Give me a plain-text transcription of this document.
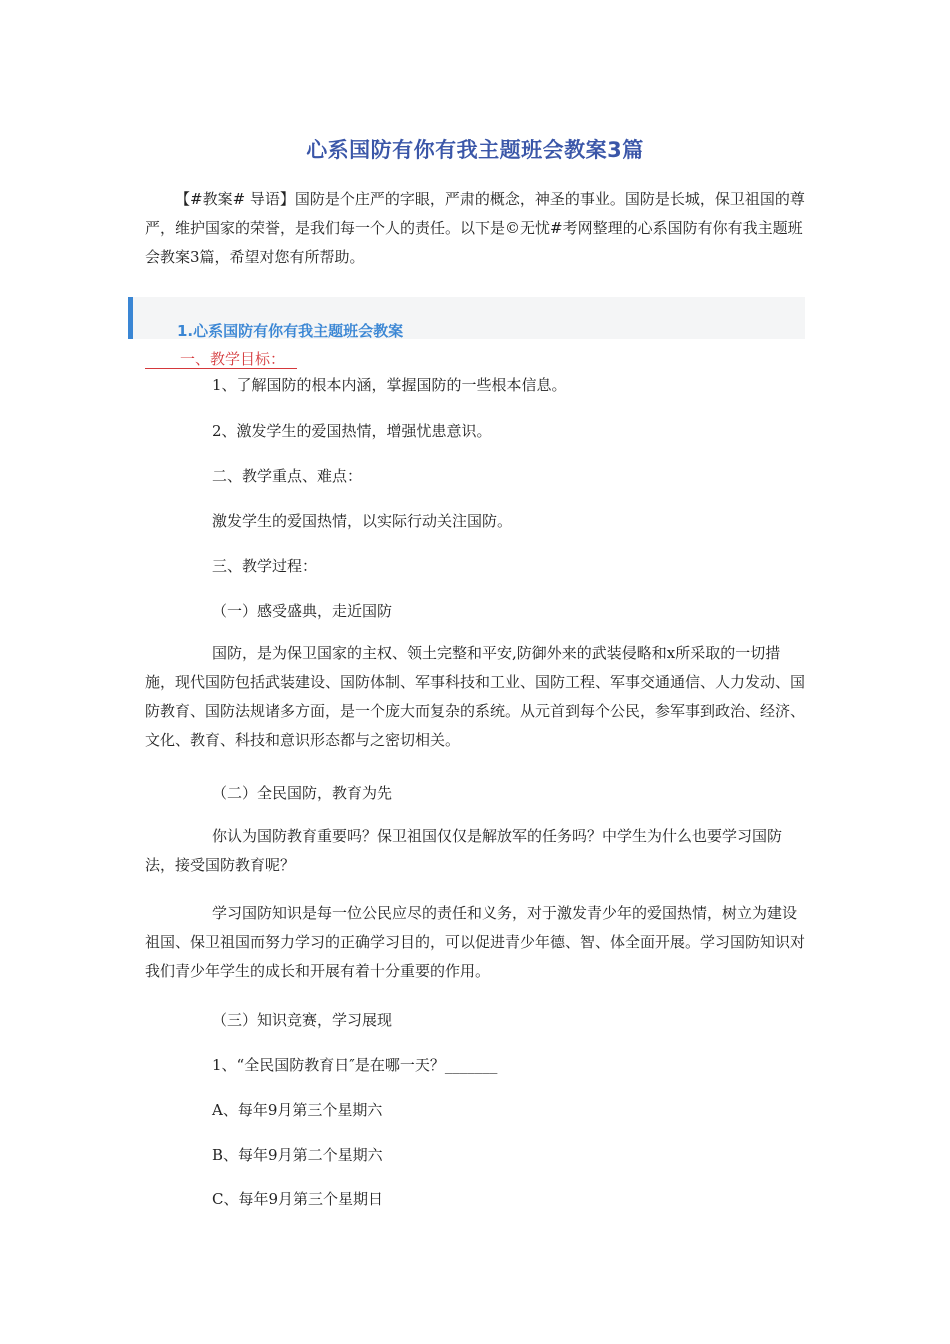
心系国防有你有我主题班会教案3篇

【#教案# 导语】国防是个庄严的字眼，严肃的概念，神圣的事业。国防是长城，保卫祖国的尊严，维护国家的荣誉，是我们每一个人的责任。以下是©无忧#考网整理的心系国防有你有我主题班会教案3篇，希望对您有所帮助。

1.心系国防有你有我主题班会教案
一、教学目标：
1、了解国防的根本内涵，掌握国防的一些根本信息。
2、激发学生的爱国热情，增强忧患意识。
二、教学重点、难点：
激发学生的爱国热情，以实际行动关注国防。
三、教学过程：
（一）感受盛典，走近国防

国防，是为保卫国家的主权、领土完整和平安,防御外来的武装侵略和x所采取的一切措施，现代国防包括武装建设、国防体制、军事科技和工业、国防工程、军事交通通信、人力发动、国防教育、国防法规诸多方面，是一个庞大而复杂的系统。从元首到每个公民，参军事到政治、经济、文化、教育、科技和意识形态都与之密切相关。

（二）全民国防，教育为先

你认为国防教育重要吗？保卫祖国仅仅是解放军的任务吗？中学生为什么也要学习国防法，接受国防教育呢？

学习国防知识是每一位公民应尽的责任和义务，对于激发青少年的爱国热情，树立为建设祖国、保卫祖国而努力学习的正确学习目的，可以促进青少年德、智、体全面开展。学习国防知识对我们青少年学生的成长和开展有着十分重要的作用。

（三）知识竞赛，学习展现
1、“全民国防教育日″是在哪一天？_______
A、每年9月第三个星期六
B、每年9月第二个星期六
C、每年9月第三个星期日
